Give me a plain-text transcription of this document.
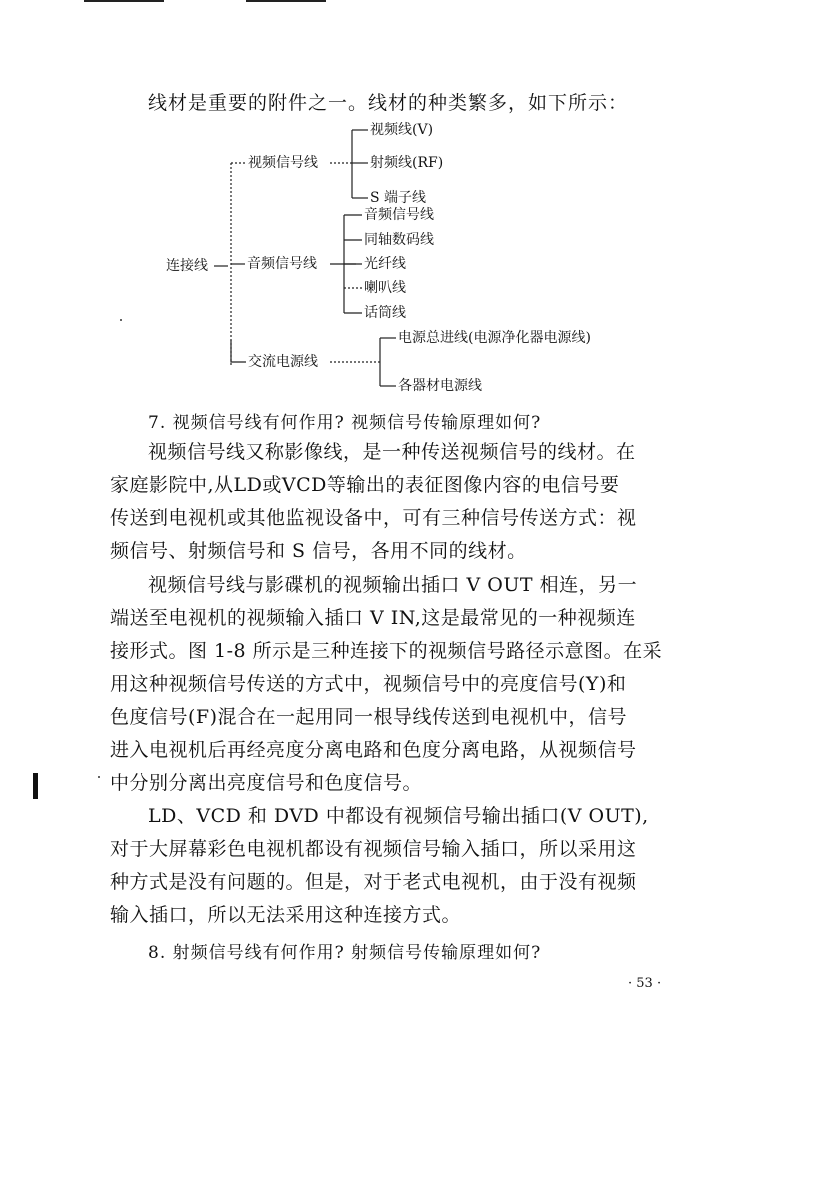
线材是重要的附件之一。线材的种类繁多，如下所示：
连接线
视频信号线
视频线(V)
射频线(RF)
S 端子线
音频信号线
音频信号线
同轴数码线
光纤线
喇叭线
话筒线
交流电源线
电源总进线(电源净化器电源线)
各器材电源线
7. 视频信号线有何作用? 视频信号传输原理如何?
视频信号线又称影像线，是一种传送视频信号的线材。在
家庭影院中,从LD或VCD等输出的表征图像内容的电信号要
传送到电视机或其他监视设备中，可有三种信号传送方式：视
频信号、射频信号和 S 信号，各用不同的线材。
视频信号线与影碟机的视频输出插口 V OUT 相连，另一
端送至电视机的视频输入插口 V IN,这是最常见的一种视频连
接形式。图 1-8 所示是三种连接下的视频信号路径示意图。在采
用这种视频信号传送的方式中，视频信号中的亮度信号(Y)和
色度信号(F)混合在一起用同一根导线传送到电视机中，信号
进入电视机后再经亮度分离电路和色度分离电路，从视频信号
中分别分离出亮度信号和色度信号。
LD、VCD 和 DVD 中都设有视频信号输出插口(V OUT),
对于大屏幕彩色电视机都设有视频信号输入插口，所以采用这
种方式是没有问题的。但是，对于老式电视机，由于没有视频
输入插口，所以无法采用这种连接方式。
8. 射频信号线有何作用? 射频信号传输原理如何?
· 53 ·
